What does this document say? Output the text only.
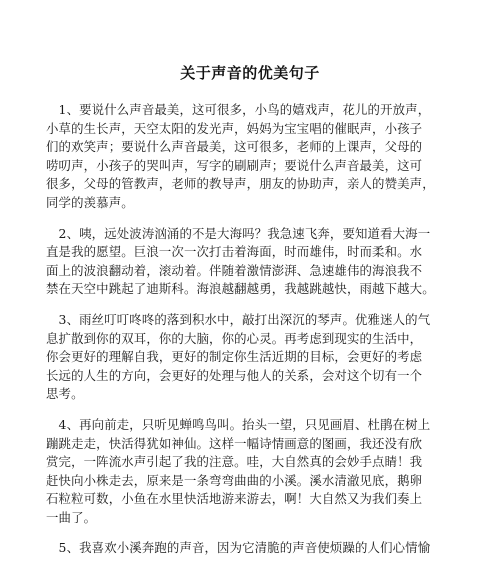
关于声音的优美句子

　1、要说什么声音最美，这可很多，小鸟的嬉戏声，花儿的开放声，
小草的生长声，天空太阳的发光声，妈妈为宝宝唱的催眠声，小孩子
们的欢笑声；要说什么声音最美，这可很多，老师的上课声，父母的
唠叨声，小孩子的哭叫声，写字的刷刷声；要说什么声音最美，这可
很多，父母的管教声，老师的教导声，朋友的协助声，亲人的赞美声，
同学的羡慕声。

　2、咦，远处波涛汹涌的不是大海吗？我急速飞奔，要知道看大海一
直是我的愿望。巨浪一次一次打击着海面，时而雄伟，时而柔和。水
面上的波浪翻动着，滚动着。伴随着激情澎湃、急速雄伟的海浪我不
禁在天空中跳起了迪斯科。海浪越翻越勇，我越跳越快，雨越下越大。

　3、雨丝叮叮咚咚的落到积水中，敲打出深沉的琴声。优雅迷人的气
息扩散到你的双耳，你的大脑，你的心灵。再考虑到现实的生活中，
你会更好的理解自我，更好的制定你生活近期的目标，会更好的考虑
长远的人生的方向，会更好的处理与他人的关系，会对这个切有一个
思考。

　4、再向前走，只听见蝉鸣鸟叫。抬头一望，只见画眉、杜鹃在树上
蹦跳走走，快活得犹如神仙。这样一幅诗情画意的图画，我还没有欣
赏完，一阵流水声引起了我的注意。哇，大自然真的会妙手点睛！我
赶快向小株走去，原来是一条弯弯曲曲的小溪。溪水清澈见底，鹅卵
石粒粒可数，小鱼在水里快活地游来游去，啊！大自然又为我们奏上
一曲了。

　5、我喜欢小溪奔跑的声音，因为它清脆的声音使烦躁的人们心情愉
